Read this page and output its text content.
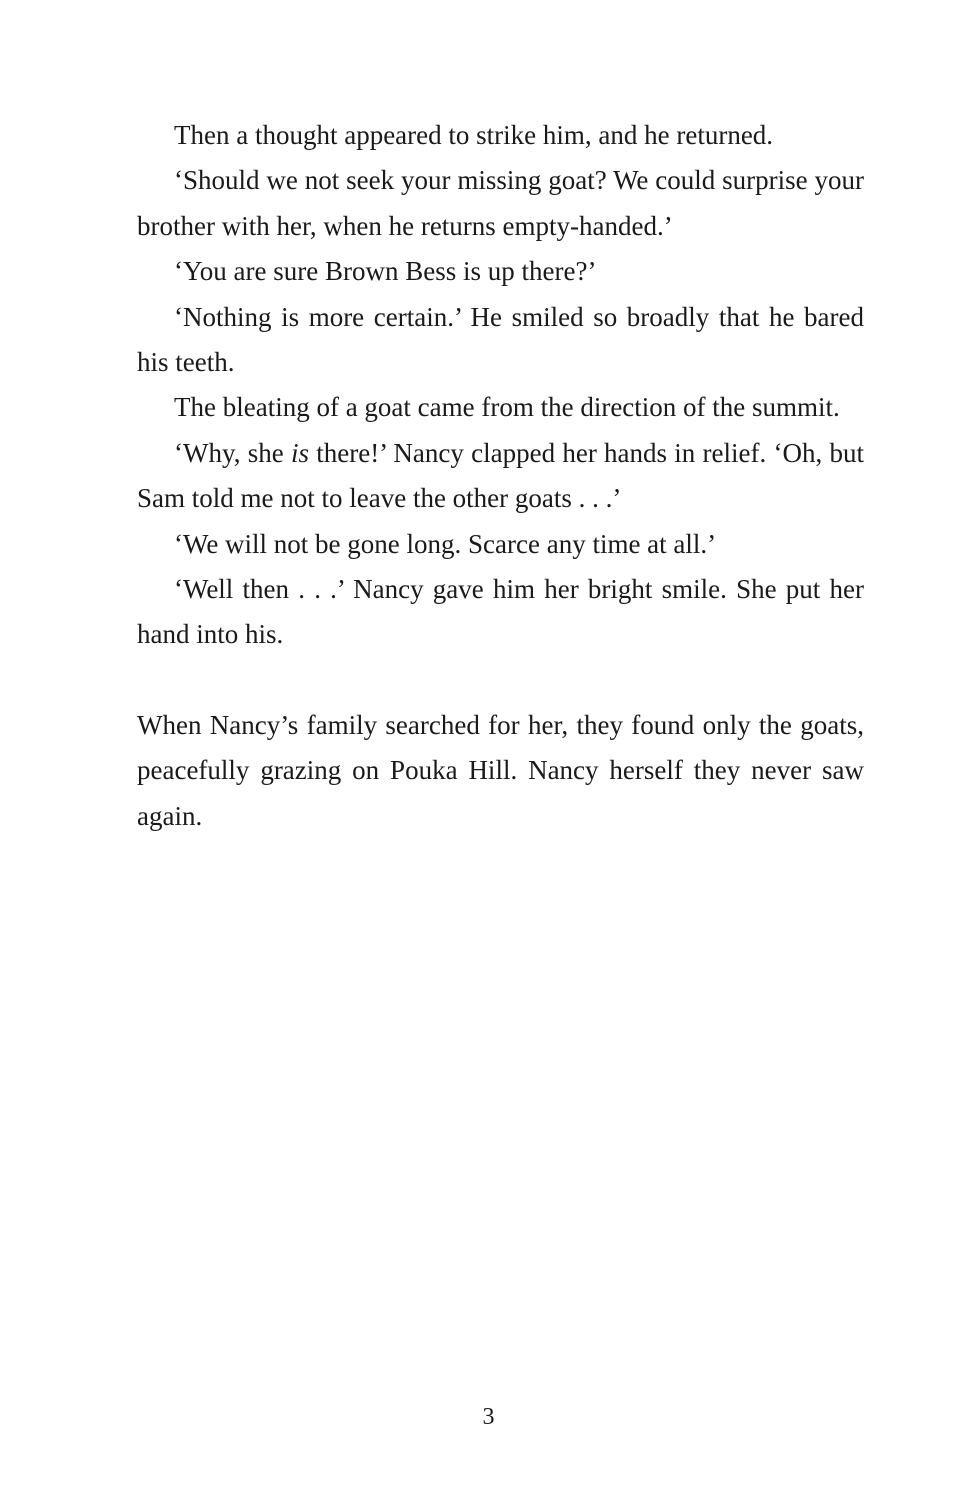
Then a thought appeared to strike him, and he returned.

‘Should we not seek your missing goat? We could surprise your brother with her, when he returns empty-handed.’

‘You are sure Brown Bess is up there?’

‘Nothing is more certain.’ He smiled so broadly that he bared his teeth.

The bleating of a goat came from the direction of the summit.

‘Why, she is there!’ Nancy clapped her hands in relief. ‘Oh, but Sam told me not to leave the other goats . . .’

‘We will not be gone long. Scarce any time at all.’

‘Well then . . .’ Nancy gave him her bright smile. She put her hand into his.

When Nancy’s family searched for her, they found only the goats, peacefully grazing on Pouka Hill. Nancy herself they never saw again.

3
